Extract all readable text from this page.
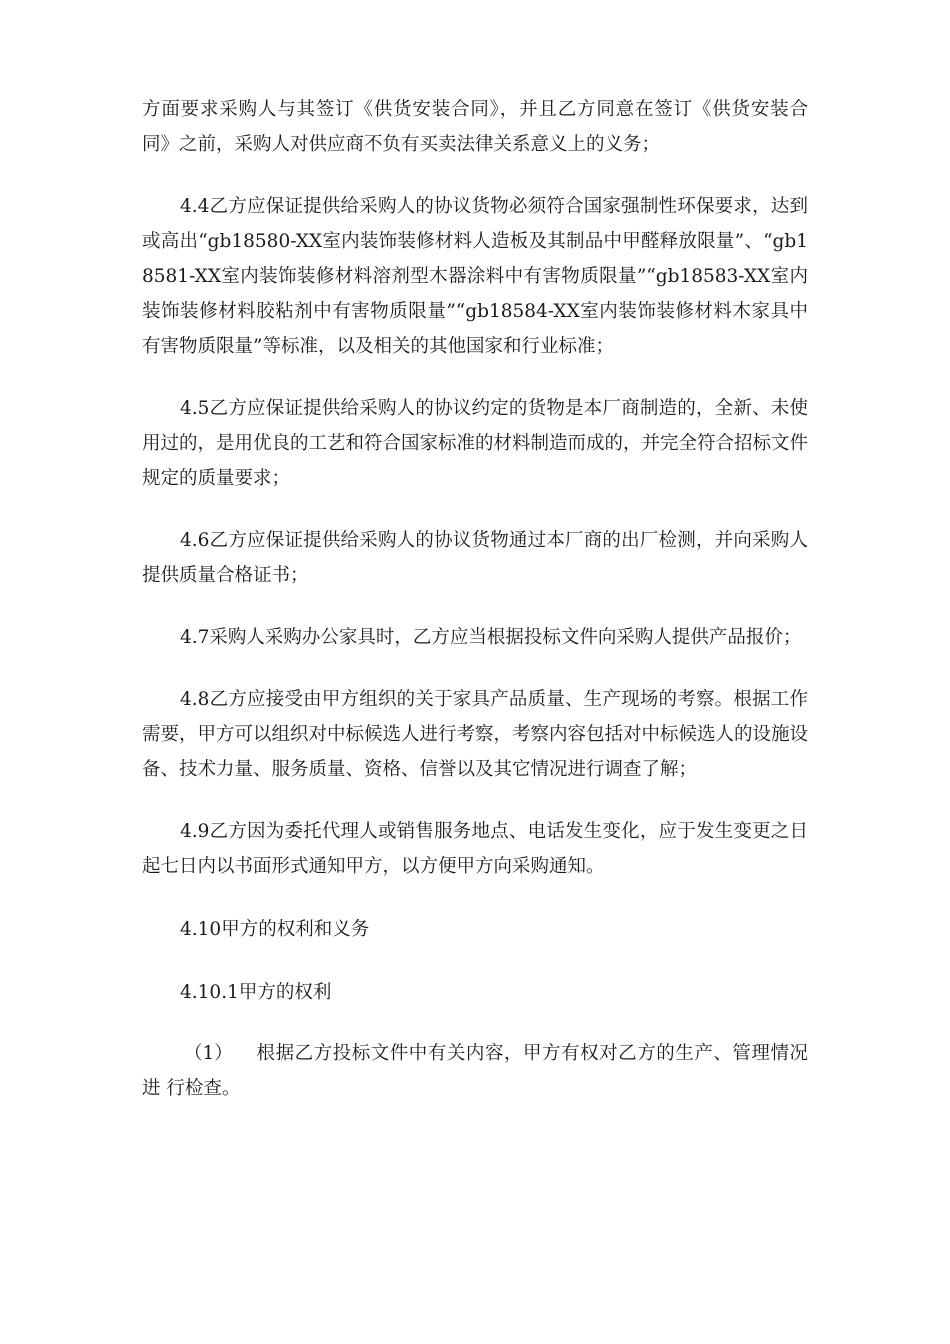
方面要求采购人与其签订《供货安装合同》，并且乙方同意在签订《供货安装合同》之前，采购人对供应商不负有买卖法律关系意义上的义务；

4.4乙方应保证提供给采购人的协议货物必须符合国家强制性环保要求，达到或高出“gb18580-XX室内装饰装修材料人造板及其制品中甲醛释放限量”、“gb18581-XX室内装饰装修材料溶剂型木器涂料中有害物质限量”“gb18583-XX室内装饰装修材料胶粘剂中有害物质限量”“gb18584-XX室内装饰装修材料木家具中有害物质限量”等标准，以及相关的其他国家和行业标准；

4.5乙方应保证提供给采购人的协议约定的货物是本厂商制造的，全新、未使用过的，是用优良的工艺和符合国家标准的材料制造而成的，并完全符合招标文件规定的质量要求；

4.6乙方应保证提供给采购人的协议货物通过本厂商的出厂检测，并向采购人提供质量合格证书；

4.7采购人采购办公家具时，乙方应当根据投标文件向采购人提供产品报价；

4.8乙方应接受由甲方组织的关于家具产品质量、生产现场的考察。根据工作需要，甲方可以组织对中标候选人进行考察，考察内容包括对中标候选人的设施设备、技术力量、服务质量、资格、信誉以及其它情况进行调查了解；

4.9乙方因为委托代理人或销售服务地点、电话发生变化，应于发生变更之日起七日内以书面形式通知甲方，以方便甲方向采购通知。

4.10甲方的权利和义务

4.10.1甲方的权利

（1） 根据乙方投标文件中有关内容，甲方有权对乙方的生产、管理情况进 行检查。
